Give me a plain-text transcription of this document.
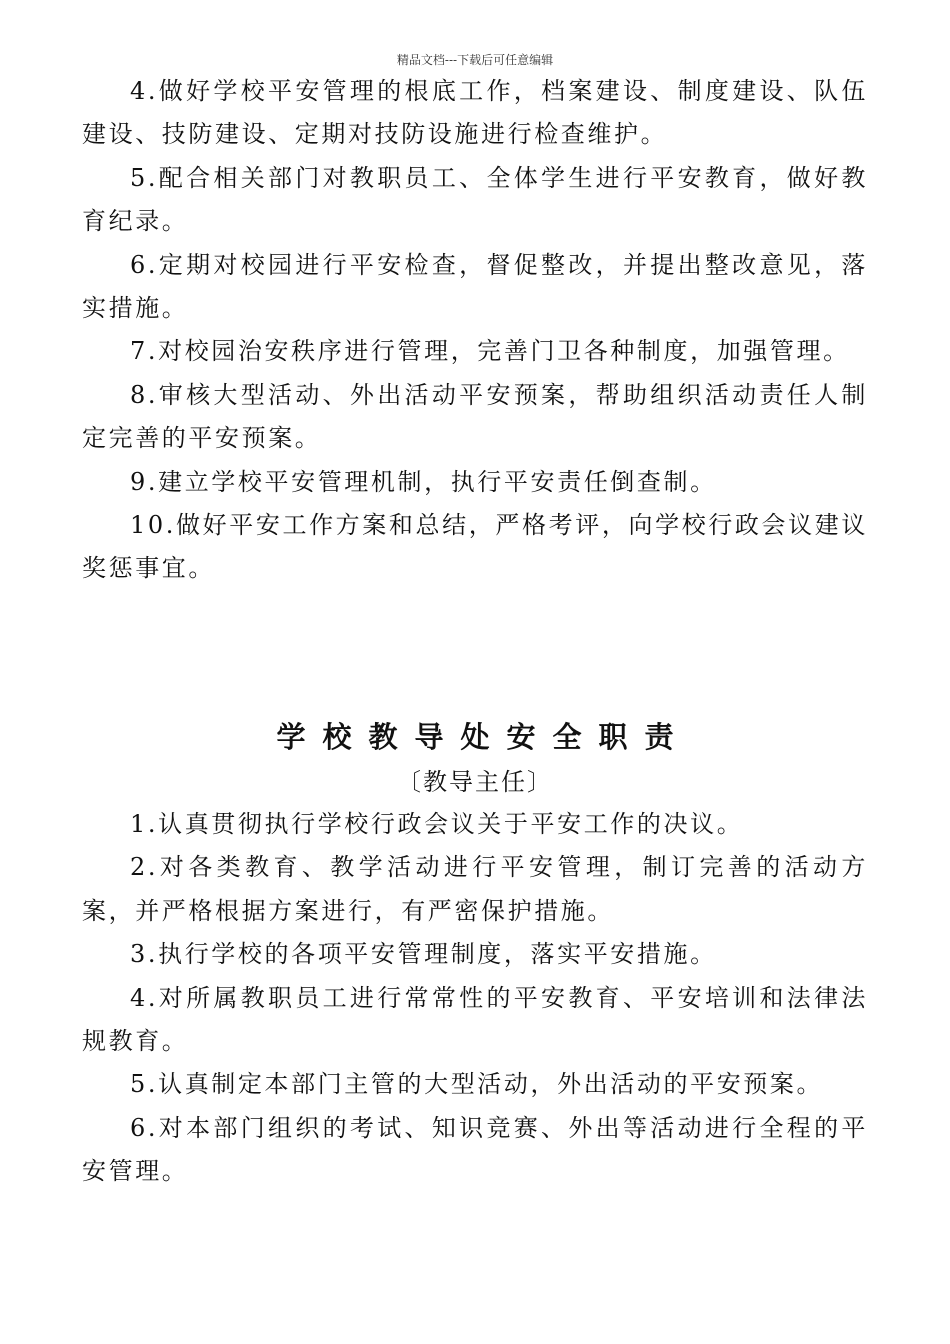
精品文档---下载后可任意编辑

4.做好学校平安管理的根底工作，档案建设、制度建设、队伍建设、技防建设、定期对技防设施进行检查维护。

5.配合相关部门对教职员工、全体学生进行平安教育，做好教育纪录。

6.定期对校园进行平安检查，督促整改，并提出整改意见，落实措施。

7.对校园治安秩序进行管理，完善门卫各种制度，加强管理。

8.审核大型活动、外出活动平安预案，帮助组织活动责任人制定完善的平安预案。

9.建立学校平安管理机制，执行平安责任倒查制。

10.做好平安工作方案和总结，严格考评，向学校行政会议建议奖惩事宜。

学校教导处安全职责
〔教导主任〕

1.认真贯彻执行学校行政会议关于平安工作的决议。

2.对各类教育、教学活动进行平安管理，制订完善的活动方案，并严格根据方案进行，有严密保护措施。

3.执行学校的各项平安管理制度，落实平安措施。

4.对所属教职员工进行常常性的平安教育、平安培训和法律法规教育。

5.认真制定本部门主管的大型活动，外出活动的平安预案。

6.对本部门组织的考试、知识竞赛、外出等活动进行全程的平安管理。
